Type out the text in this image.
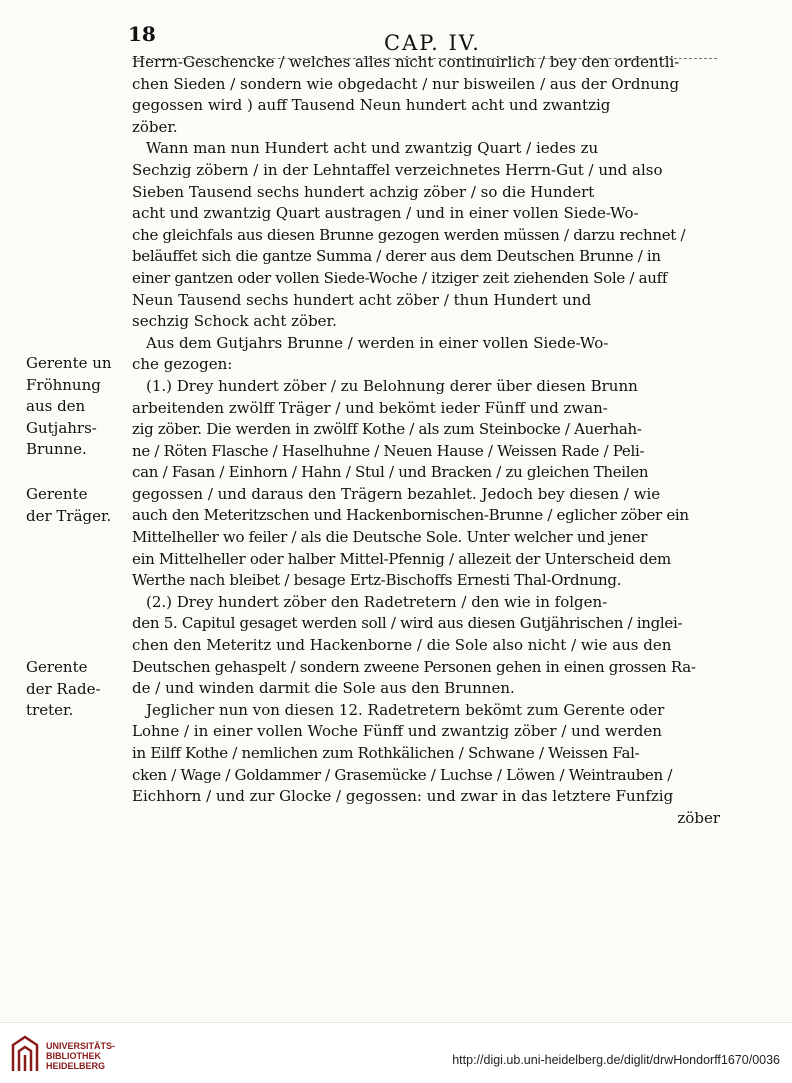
18	CAP. IV.
Herrn-Geschencke / welches alles nicht continuirlich / bey den ordentli-
chen Sieden / sondern wie obgedacht / nur bisweilen / aus der Ordnung
gegossen wird ) auff Tausend Neun hundert acht und zwantzig
zöber.
Wann man nun Hundert acht und zwantzig Quart / iedes zu
Sechzig zöbern / in der Lehntaffel verzeichnetes Herrn-Gut / und also
Sieben Tausend sechs hundert achzig zöber / so die Hundert
acht und zwantzig Quart austragen / und in einer vollen Siede-Wo-
che gleichfals aus diesen Brunne gezogen werden müssen / darzu rechnet /
beläuffet sich die gantze Summa / derer aus dem Deutschen Brunne / in
einer gantzen oder vollen Siede-Woche / itziger zeit ziehenden Sole / auff
Neun Tausend sechs hundert acht zöber / thun Hundert und
sechzig Schock acht zöber.
Aus dem Gutjahrs Brunne / werden in einer vollen Siede-Wo-
che gezogen:
(1.) Drey hundert zöber / zu Belohnung derer über diesen Brunn
arbeitenden zwölff Träger / und bekömt ieder Fünff und zwan-
zig zöber. Die werden in zwölff Kothe / als zum Steinbocke / Auerhah-
ne / Röten Flasche / Haselhuhne / Neuen Hause / Weissen Rade / Peli-
can / Fasan / Einhorn / Hahn / Stul / und Bracken / zu gleichen Theilen
gegossen / und daraus den Trägern bezahlet. Jedoch bey diesen / wie
auch den Meteritzschen und Hackenbornischen-Brunne / eglicher zöber ein
Mittelheller wo feiler / als die Deutsche Sole. Unter welcher und jener
ein Mittelheller oder halber Mittel-Pfennig / allezeit der Unterscheid dem
Werthe nach bleibet / besage Ertz-Bischoffs Ernesti Thal-Ordnung.
(2.) Drey hundert zöber den Radetretern / den wie in folgen-
den 5. Capitul gesaget werden soll / wird aus diesen Gutjährischen / inglei-
chen den Meteritz und Hackenborne / die Sole also nicht / wie aus den
Deutschen gehaspelt / sondern zweene Personen gehen in einen grossen Ra-
de / und winden darmit die Sole aus den Brunnen.
Jeglicher nun von diesen 12. Radetretern bekömt zum Gerente oder
Lohne / in einer vollen Woche Fünff und zwantzig zöber / und werden
in Eilff Kothe / nemlichen zum Rothkälichen / Schwane / Weissen Fal-
cken / Wage / Goldammer / Grasemücke / Luchse / Löwen / Weintrauben /
Eichhorn / und zur Glocke / gegossen: und zwar in das letztere Funfzig
zöber
Gerente un
Fröhnung
aus den
Gutjahrs-
Brunne.
Gerente
der Träger.
Gerente
der Rade-
treter.
UNIVERSITÄTS-
BIBLIOTHEK
HEIDELBERG	http://digi.ub.uni-heidelberg.de/diglit/drwHondorff1670/0036
